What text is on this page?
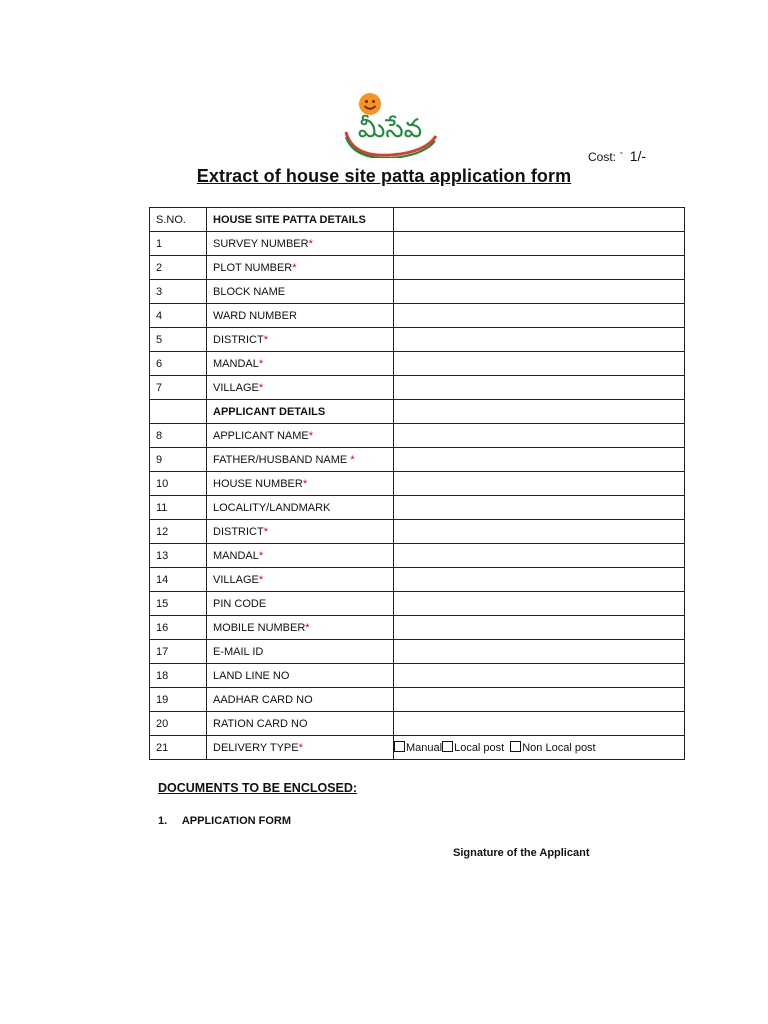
మీసేవ
Cost: ` 1/-
Extract of house site patta application form
S.NO.	HOUSE SITE PATTA DETAILS	
1	SURVEY NUMBER*	
2	PLOT NUMBER*	
3	BLOCK NAME	
4	WARD NUMBER	
5	DISTRICT*	
6	MANDAL*	
7	VILLAGE*	
	APPLICANT DETAILS	
8	APPLICANT NAME*	
9	FATHER/HUSBAND NAME *	
10	HOUSE NUMBER*	
11	LOCALITY/LANDMARK	
12	DISTRICT*	
13	MANDAL*	
14	VILLAGE*	
15	PIN CODE	
16	MOBILE NUMBER*	
17	E-MAIL ID	
18	LAND LINE NO	
19	AADHAR CARD NO	
20	RATION CARD NO	
21	DELIVERY TYPE*	Manual Local post Non Local post
DOCUMENTS TO BE ENCLOSED:
1. APPLICATION FORM
Signature of the Applicant
